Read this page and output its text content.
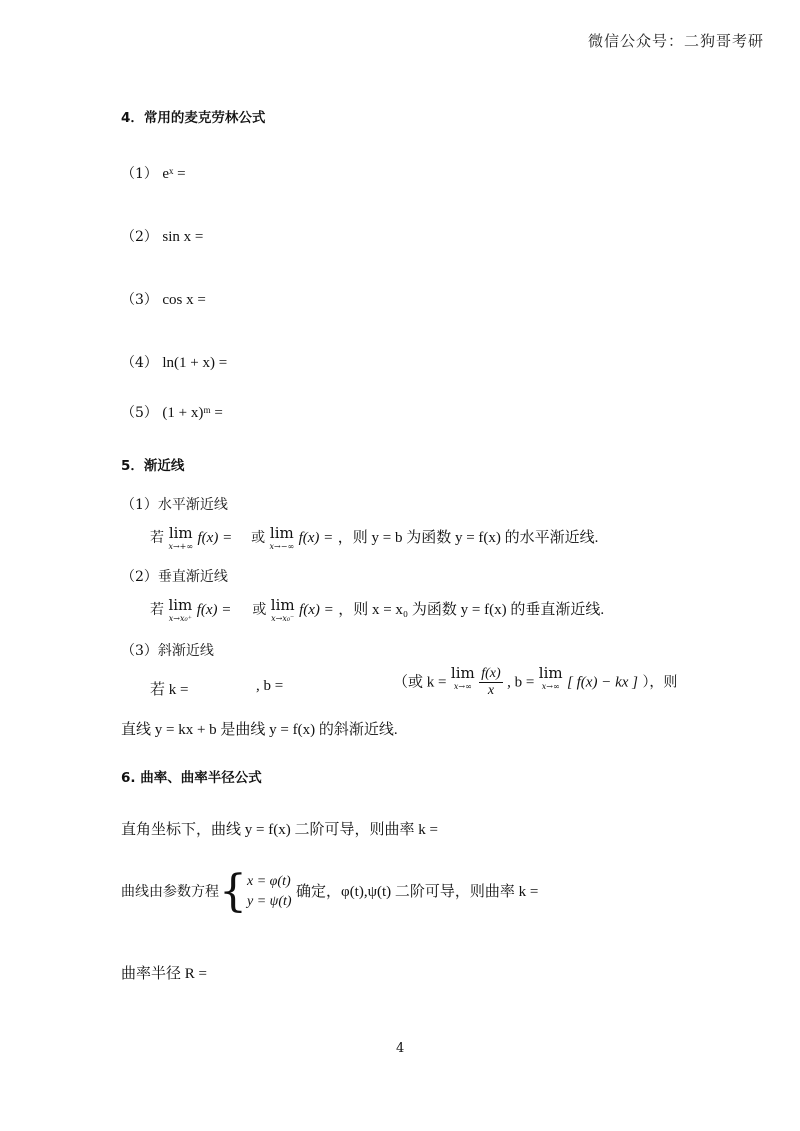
微信公众号：二狗哥考研
4．常用的麦克劳林公式
（1） eˣ =
（2） sin x =
（3） cos x =
（4） ln(1 + x) =
（5） (1 + x)ᵐ =
5．渐近线
（1）水平渐近线
若 lim
x→+∞
f(x) = 或 lim
x→−∞
f(x) = ，则 y = b 为函数 y = f(x) 的水平渐近线.
（2）垂直渐近线
若 lim
x→x₀⁺
f(x) = 或 lim
x→x₀⁻
f(x) = ，则 x = x₀ 为函数 y = f(x) 的垂直渐近线.
（3）斜渐近线
若 k =	, b =	（或 k =
lim
x→∞
$\frac{f(x)}{x}$ , b =
lim
x→∞ [ f(x) − kx ] ），则
直线 y = kx + b 是曲线 y = f(x) 的斜渐近线.
6. 曲率、曲率半径公式
直角坐标下，曲线 y = f(x) 二阶可导，则曲率 k =
曲线由参数方程{ x = φ(t)
y = ψ(t)
确定，φ(t),ψ(t) 二阶可导，则曲率 k =
曲率半径 R =
4
